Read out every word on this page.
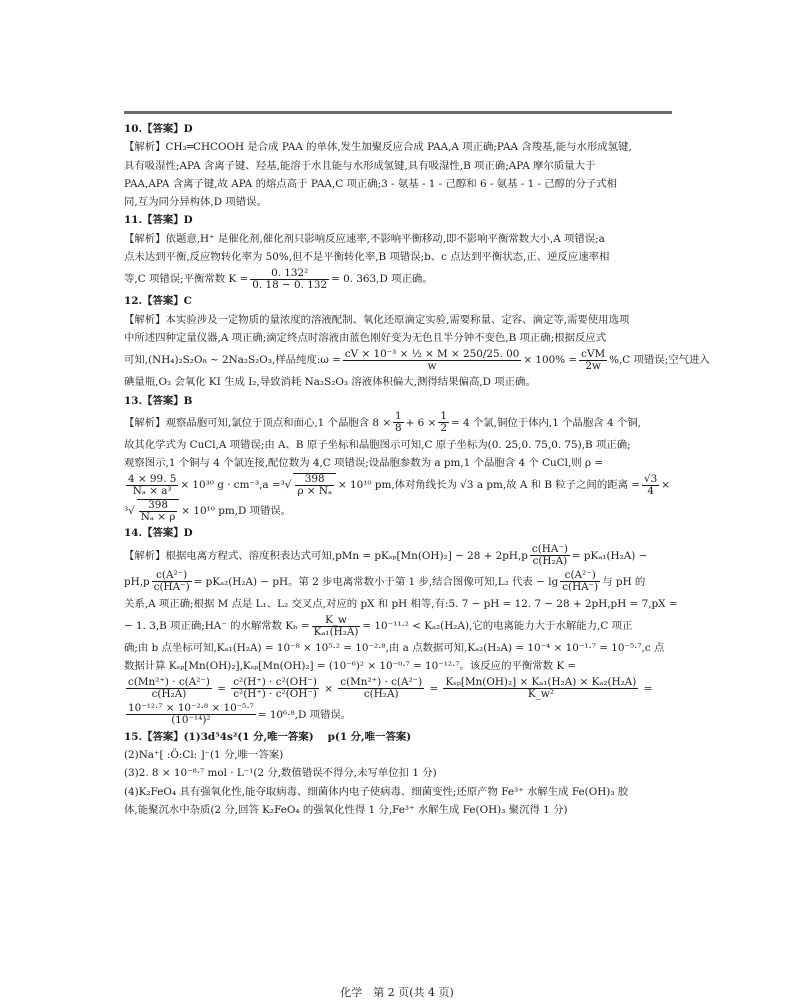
10.【答案】D
【解析】CH₂═CHCOOH 是合成 PAA 的单体,发生加聚反应合成 PAA,A 项正确;PAA 含羧基,能与水形成氢键,
具有吸湿性;APA 含离子键、羟基,能溶于水且能与水形成氢键,具有吸湿性,B 项正确;APA 摩尔质量大于
PAA,APA 含离子键,故 APA 的熔点高于 PAA,C 项正确;3 - 氨基 - 1 - 己醇和 6 - 氨基 - 1 - 己醇的分子式相
同,互为同分异构体,D 项错误。
11.【答案】D
【解析】依题意,H⁺ 是催化剂,催化剂只影响反应速率,不影响平衡移动,即不影响平衡常数大小,A 项错误;a
点未达到平衡,反应物转化率为 50%,但不是平衡转化率,B 项错误;b、c 点达到平衡状态,正、逆反应速率相
等,C 项错误;平衡常数 $K = \frac{\text{0. 132²}}{0. 18 - 0. 132} = 0$. 363,D 项正确。
12.【答案】C
【解析】本实验涉及一定物质的量浓度的溶液配制、氧化还原滴定实验,需要称量、定容、滴定等,需要使用选项
中所述四种定量仪器,A 项正确;滴定终点时溶液由蓝色刚好变为无色且半分钟不变色,B 项正确;根据反应式
可知,(NH₄)₂S₂O₈ ~ 2Na₂S₂O₃,样品纯度:ω = $\frac{\text{cV × 10⁻³ × ½ × M × 250/25. 00}}{w} \times 100\% = \frac{\text{cVM}}{2w} \%,C$ 项错误;空气进入
碘量瓶,O₂ 会氧化 KI 生成 I₂,导致消耗 Na₂S₂O₃ 溶液体积偏大,测得结果偏高,D 项正确。
13.【答案】B
【解析】观察晶胞可知,氯位于顶点和面心,1 个晶胞含 $8 \times \frac{1}{8} + 6 \times \frac{1}{2} = 4$ 个氯,铜位于体内,1 个晶胞含 4 个铜,
故其化学式为 CuCl,A 项错误;由 A、B 原子坐标和晶胞图示可知,C 原子坐标为(0. 25,0. 75,0. 75),B 项正确;
观察图示,1 个铜与 4 个氯连接,配位数为 4,C 项错误;设晶胞参数为 a pm,1 个晶胞含 4 个 CuCl,则 ρ =
$\frac{4 \times 99. 5}{\text{Nₐ × a³}} \times 10^{30}$ $g \cdot cm^{-3},a =^3√ \frac{398}{\text{ρ × Nₐ}} \times 10^{10}$ pm,体对角线长为 √3 a pm,故 A 和 B 粒子之间的距离 = $\frac{√3}{4}$ ×
$^3√ \frac{398}{\text{Nₐ × ρ}} \times 10^{10}$ pm,D 项错误。
14.【答案】D
【解析】根据电离方程式、溶度积表达式可知$,pMn = pK_{sp}[Mn(OH)_2] - 28 + 2pH,p \frac{c(HA^-)}{\text{c(H₂A)}} = pK_{a1}(H_2A)$ −
$pH,p \frac{\text{c(A²⁻)}}{c(HA^-)} = pK_{a2}(H_2A)$ − pH。第 2 步电离常数小于第 1 步,结合图像可知,L₂ 代表 − $\lg \frac{\text{c(A²⁻)}}{c(HA^-)}$ 与 pH 的
关系,A 项正确;根据 M 点是 L₁、L₂ 交叉点,对应的 pX 和 pH 相等,有:5. 7 − pH = 12. 7 − 28 + 2pH,pH = 7,pX =
− 1. 3,B 项正确;HA⁻ 的水解常数 $K_h = \frac{K\_w}{\text{Kₐ₁(H₂A)}} = 10^{-11}\cdot^2 < K_{a2}(H_2A)$,它的电离能力大于水解能力,C 项正
确;由 b 点坐标可知,Kₐ₁(H₂A) = 10⁻⁸ × 10⁵·² = 10⁻²·⁸,由 a 点数据可知,Kₐ₂(H₂A) = 10⁻⁴ × 10⁻¹·⁷ = 10⁻⁵·⁷,c 点
数据计算 Kₛₚ[Mn(OH)₂],Kₛₚ[Mn(OH)₂] = (10⁻⁶)² × 10⁻⁰·⁷ = 10⁻¹²·⁷。该反应的平衡常数 K =
$\frac{\text{c(Mn²⁺) · c(A²⁻)}}{\text{c(H₂A)}} = \frac{\text{c²(H⁺) · c²(OH⁻)}}{\text{c²(H⁺) · c²(OH⁻)}} \times \frac{\text{c(Mn²⁺) · c(A²⁻)}}{\text{c(H₂A)}} = \frac{\text{Kₛₚ[Mn(OH)₂] × Kₐ₁(H₂A) × Kₐ₂(H₂A)}}{\text{K\_w²}}$ =
$\frac{\text{10⁻¹²·⁷ × 10⁻²·⁸ × 10⁻⁵·⁷}}{\text{(10⁻¹⁴)²}} = 10^6\cdot^8,D$ 项错误。
15.【答案】(1)3d⁵4s²(1 分,唯一答案)　 p(1 分,唯一答案)
(2)Na⁺[ :Ö:Cl: ]⁻(1 分,唯一答案)
(3)2. 8 × 10⁻⁸·⁷ mol · L⁻¹(2 分,数值错误不得分,未写单位扣 1 分)
(4)K₂FeO₄ 具有强氧化性,能夺取病毒、细菌体内电子使病毒、细菌变性;还原产物 Fe³⁺ 水解生成 Fe(OH)₃ 胶
体,能聚沉水中杂质(2 分,回答 K₂FeO₄ 的强氧化性得 1 分,Fe³⁺ 水解生成 Fe(OH)₃ 聚沉得 1 分)
化学　第 2 页(共 4 页)
